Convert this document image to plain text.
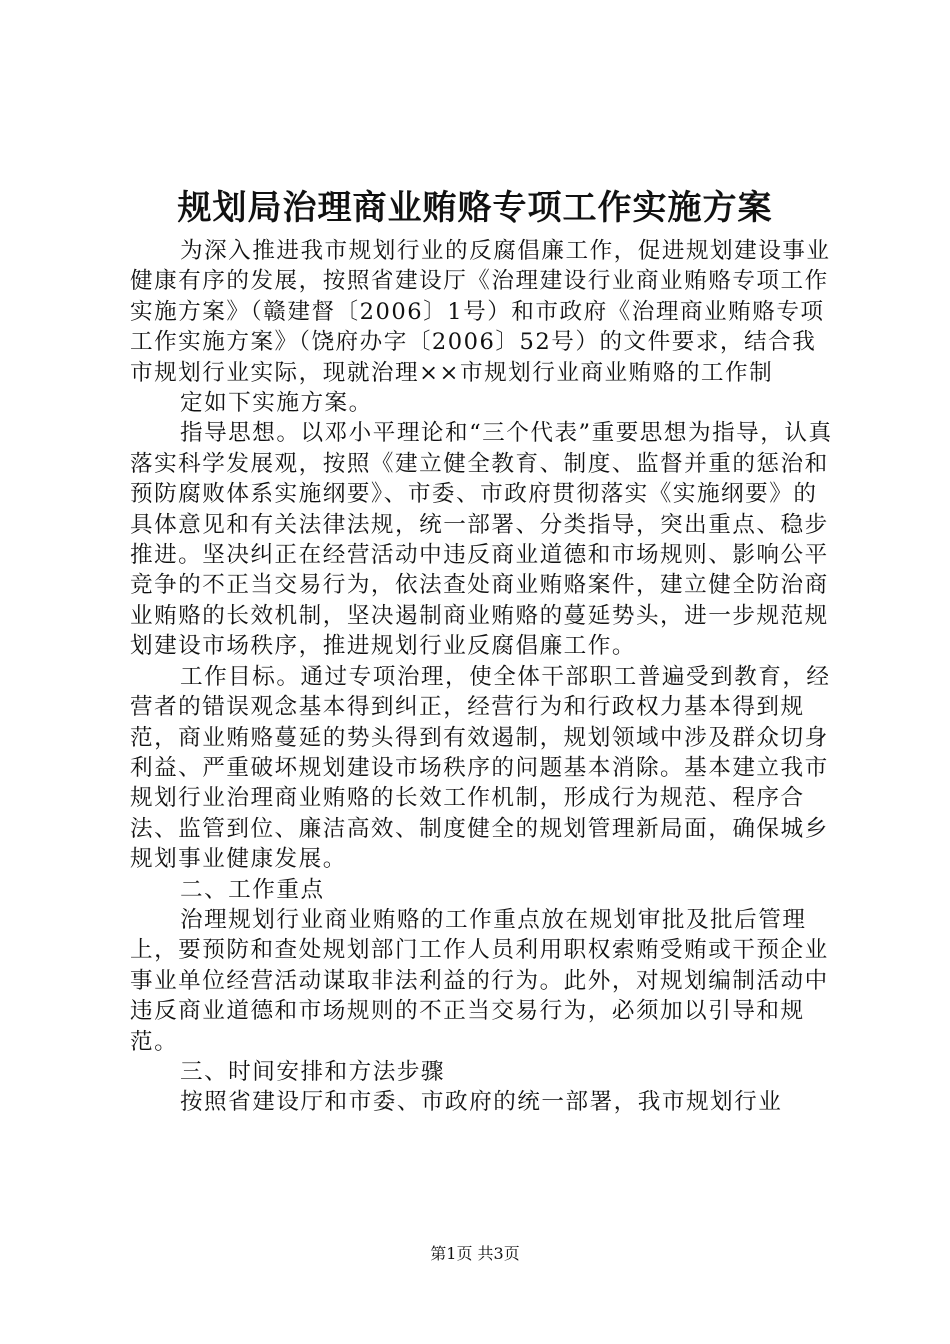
规划局治理商业贿赂专项工作实施方案

为深入推进我市规划行业的反腐倡廉工作，促进规划建设事业健康有序的发展，按照省建设厅《治理建设行业商业贿赂专项工作实施方案》（赣建督〔2006〕1号）和市政府《治理商业贿赂专项工作实施方案》（饶府办字〔2006〕52号）的文件要求，结合我市规划行业实际，现就治理××市规划行业商业贿赂的工作制

定如下实施方案。

指导思想。以邓小平理论和“三个代表”重要思想为指导，认真落实科学发展观，按照《建立健全教育、制度、监督并重的惩治和预防腐败体系实施纲要》、市委、市政府贯彻落实《实施纲要》的具体意见和有关法律法规，统一部署、分类指导，突出重点、稳步推进。坚决纠正在经营活动中违反商业道德和市场规则、影响公平竞争的不正当交易行为，依法查处商业贿赂案件，建立健全防治商业贿赂的长效机制，坚决遏制商业贿赂的蔓延势头，进一步规范规划建设市场秩序，推进规划行业反腐倡廉工作。

工作目标。通过专项治理，使全体干部职工普遍受到教育，经营者的错误观念基本得到纠正，经营行为和行政权力基本得到规范，商业贿赂蔓延的势头得到有效遏制，规划领域中涉及群众切身利益、严重破坏规划建设市场秩序的问题基本消除。基本建立我市规划行业治理商业贿赂的长效工作机制，形成行为规范、程序合法、监管到位、廉洁高效、制度健全的规划管理新局面，确保城乡规划事业健康发展。

二、工作重点

治理规划行业商业贿赂的工作重点放在规划审批及批后管理上，要预防和查处规划部门工作人员利用职权索贿受贿或干预企业事业单位经营活动谋取非法利益的行为。此外，对规划编制活动中违反商业道德和市场规则的不正当交易行为，必须加以引导和规范。

三、时间安排和方法步骤

按照省建设厅和市委、市政府的统一部署，我市规划行业

第1页 共3页
